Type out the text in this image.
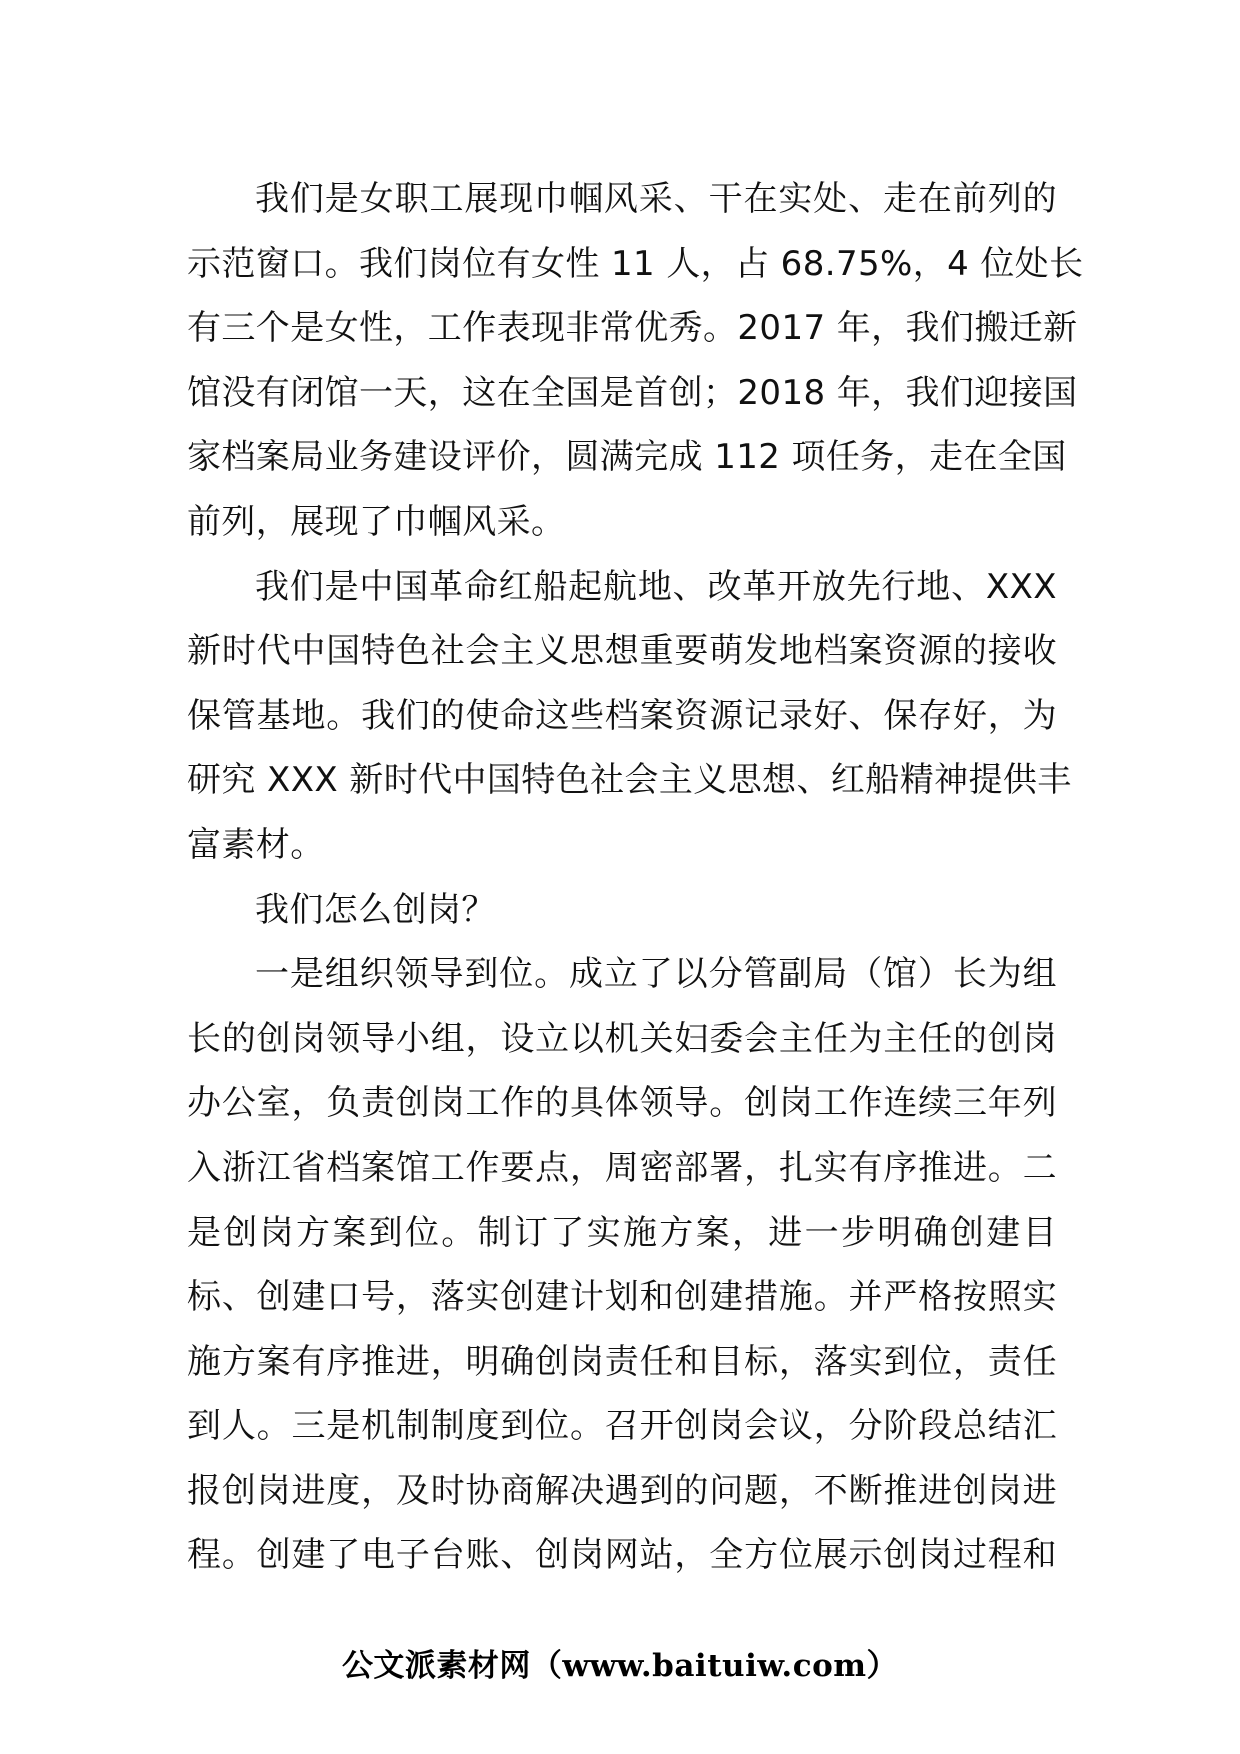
我们是女职工展现巾帼风采、干在实处、走在前列的
示范窗口。我们岗位有女性 11 人，占 68.75%，4 位处长
有三个是女性，工作表现非常优秀。2017 年，我们搬迁新
馆没有闭馆一天，这在全国是首创；2018 年，我们迎接国
家档案局业务建设评价，圆满完成 112 项任务，走在全国
前列，展现了巾帼风采。

我们是中国革命红船起航地、改革开放先行地、XXX
新时代中国特色社会主义思想重要萌发地档案资源的接收
保管基地。我们的使命这些档案资源记录好、保存好，为
研究 XXX 新时代中国特色社会主义思想、红船精神提供丰
富素材。

我们怎么创岗？

一是组织领导到位。成立了以分管副局（馆）长为组
长的创岗领导小组，设立以机关妇委会主任为主任的创岗
办公室，负责创岗工作的具体领导。创岗工作连续三年列
入浙江省档案馆工作要点，周密部署，扎实有序推进。二
是创岗方案到位。制订了实施方案，进一步明确创建目
标、创建口号，落实创建计划和创建措施。并严格按照实
施方案有序推进，明确创岗责任和目标，落实到位，责任
到人。三是机制制度到位。召开创岗会议，分阶段总结汇
报创岗进度，及时协商解决遇到的问题，不断推进创岗进
程。创建了电子台账、创岗网站，全方位展示创岗过程和

公文派素材网（www.baituiw.com）
